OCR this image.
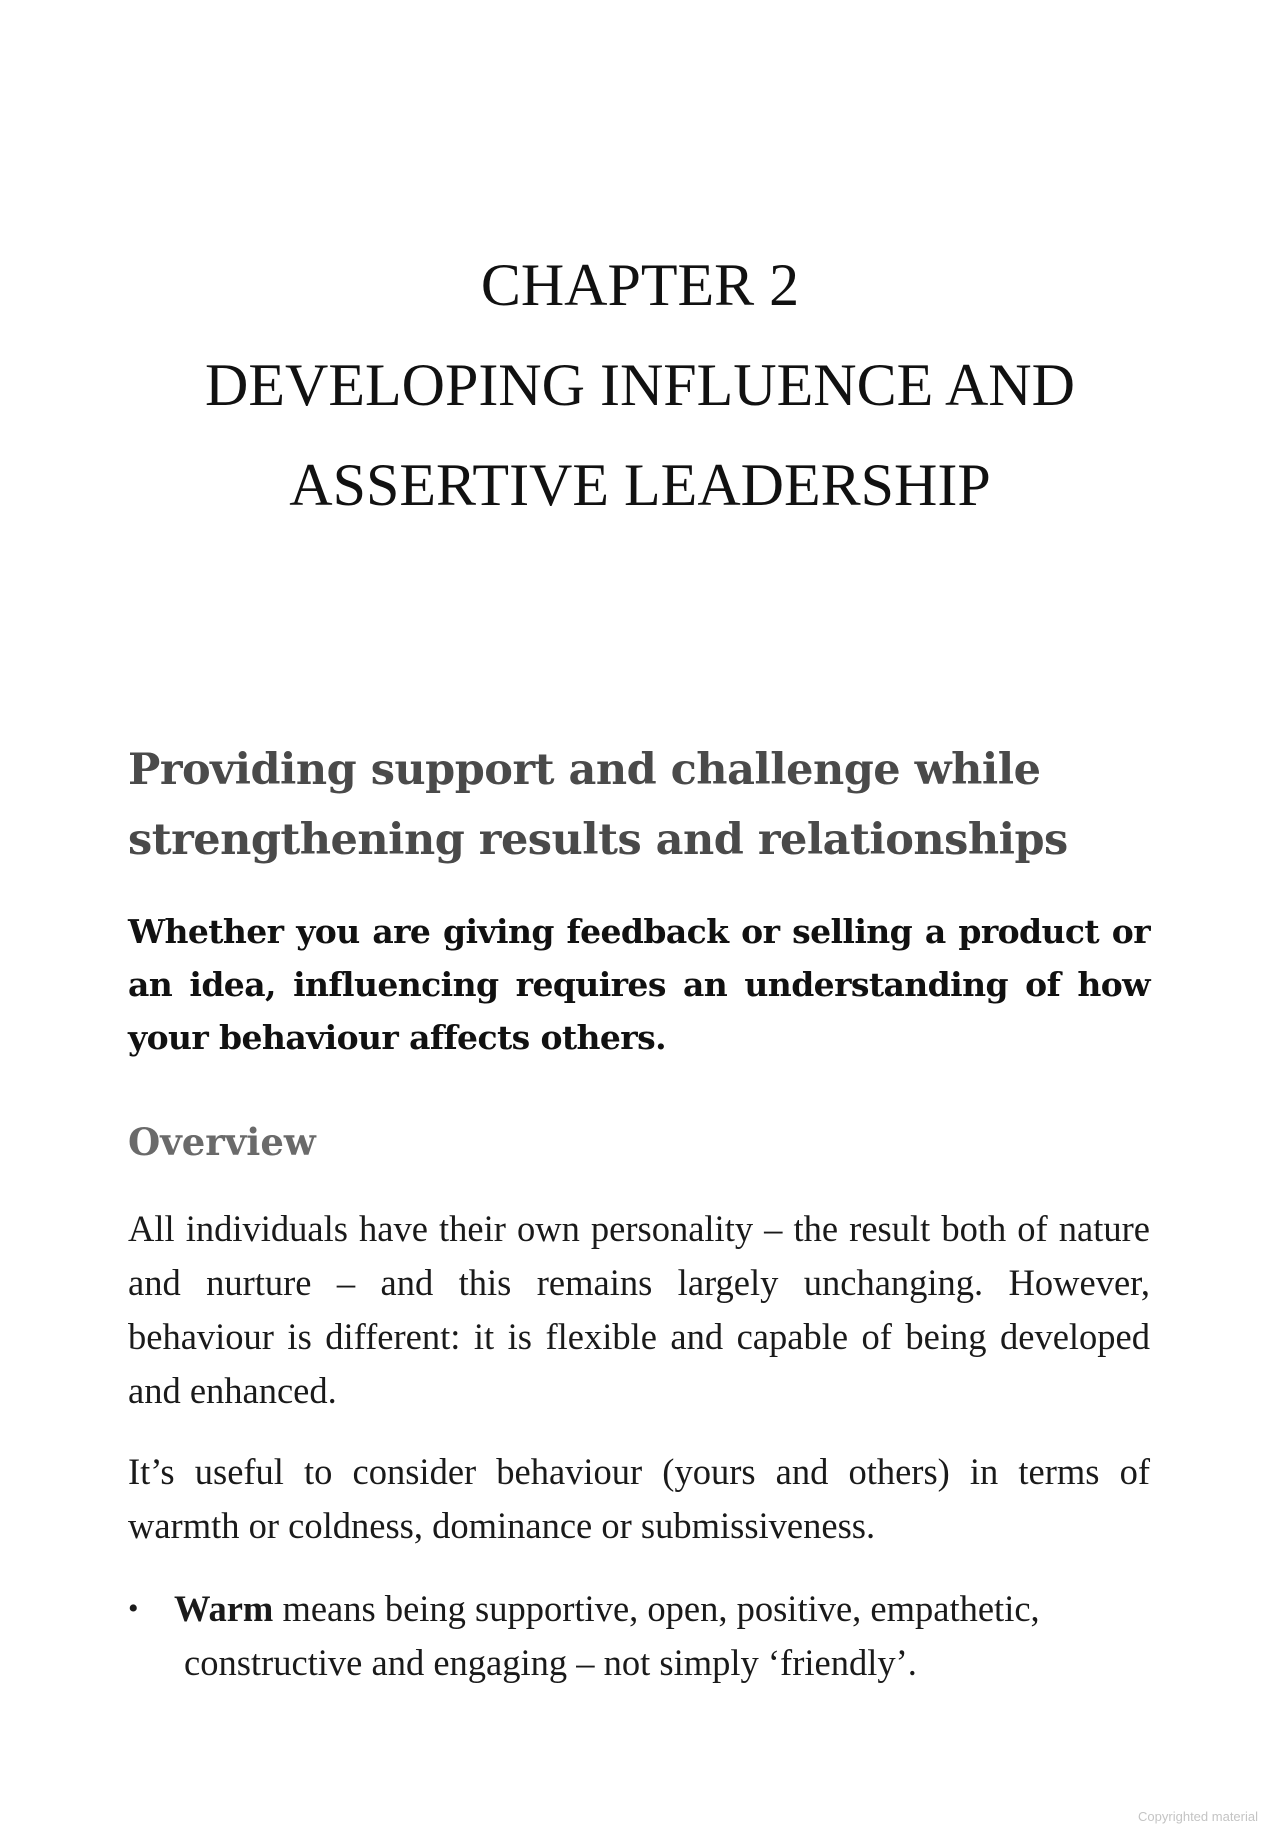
CHAPTER 2
DEVELOPING INFLUENCE AND
ASSERTIVE LEADERSHIP
Providing support and challenge while
strengthening results and relationships

Whether you are giving feedback or selling a product or an idea, influencing requires an understanding of how your behaviour affects others.

Overview

All individuals have their own personality – the result both of nature and nurture – and this remains largely unchanging. However, behaviour is different: it is flexible and capable of being developed and enhanced.

It’s useful to consider behaviour (yours and others) in terms of warmth or coldness, dominance or submissiveness.

• Warm means being supportive, open, positive, empathetic,
constructive and engaging – not simply ‘friendly’.
Copyrighted material
